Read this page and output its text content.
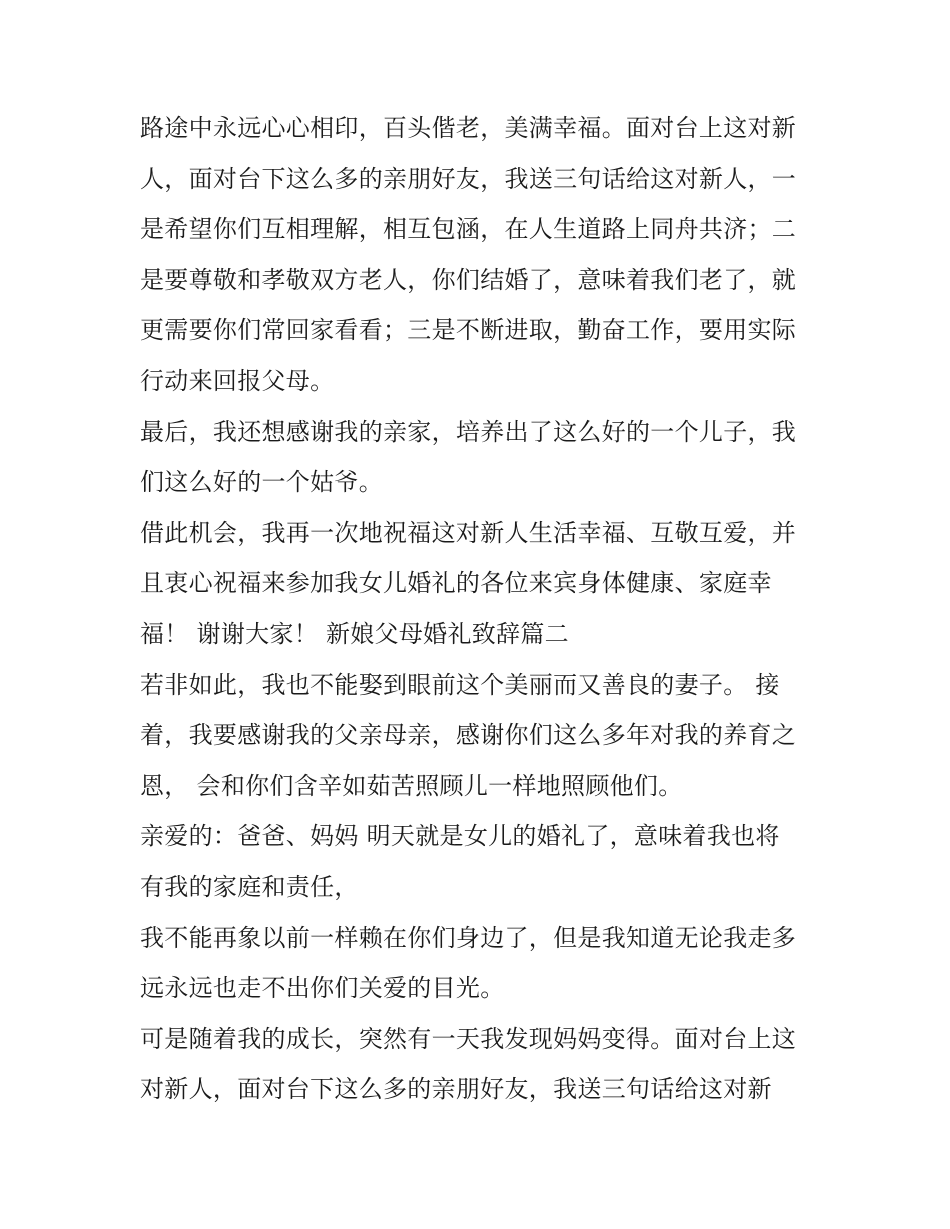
路途中永远心心相印，百头偕老，美满幸福。面对台上这对新
人，面对台下这么多的亲朋好友，我送三句话给这对新人，一
是希望你们互相理解，相互包涵，在人生道路上同舟共济；二
是要尊敬和孝敬双方老人，你们结婚了，意味着我们老了，就
更需要你们常回家看看；三是不断进取，勤奋工作，要用实际
行动来回报父母。
最后，我还想感谢我的亲家，培养出了这么好的一个儿子，我
们这么好的一个姑爷。
借此机会，我再一次地祝福这对新人生活幸福、互敬互爱，并
且衷心祝福来参加我女儿婚礼的各位来宾身体健康、家庭幸
福！ 谢谢大家！ 新娘父母婚礼致辞篇二
若非如此，我也不能娶到眼前这个美丽而又善良的妻子。 接
着，我要感谢我的父亲母亲，感谢你们这么多年对我的养育之
恩， 会和你们含辛如茹苦照顾儿一样地照顾他们。
亲爱的：爸爸、妈妈 明天就是女儿的婚礼了，意味着我也将
有我的家庭和责任，
我不能再象以前一样赖在你们身边了，但是我知道无论我走多
远永远也走不出你们关爱的目光。
可是随着我的成长，突然有一天我发现妈妈变得。面对台上这
对新人，面对台下这么多的亲朋好友，我送三句话给这对新
